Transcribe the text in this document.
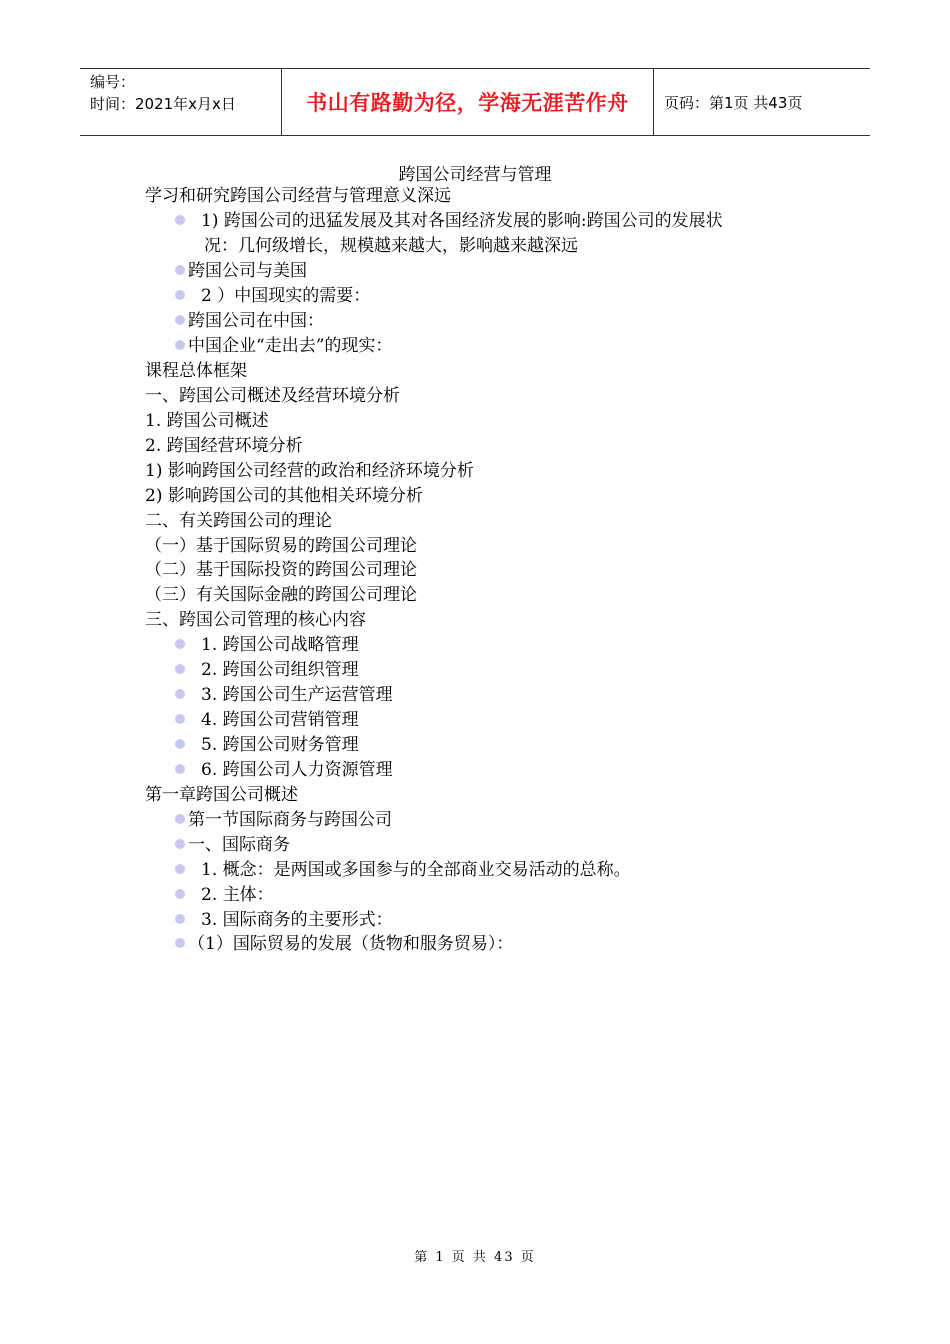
编号：
时间：2021年x月x日	书山有路勤为径，学海无涯苦作舟 页码：第1页 共43页
跨国公司经营与管理
学习和研究跨国公司经营与管理意义深远
1) 跨国公司的迅猛发展及其对各国经济发展的影响:跨国公司的发展状
况：几何级增长，规模越来越大，影响越来越深远
跨国公司与美国
2 ）中国现实的需要：
跨国公司在中国：
中国企业“走出去”的现实：
课程总体框架
一、跨国公司概述及经营环境分析
1. 跨国公司概述
2. 跨国经营环境分析
1) 影响跨国公司经营的政治和经济环境分析
2) 影响跨国公司的其他相关环境分析
二、有关跨国公司的理论
（一）基于国际贸易的跨国公司理论
（二）基于国际投资的跨国公司理论
（三）有关国际金融的跨国公司理论
三、跨国公司管理的核心内容
1. 跨国公司战略管理
2. 跨国公司组织管理
3. 跨国公司生产运营管理
4. 跨国公司营销管理
5. 跨国公司财务管理
6. 跨国公司人力资源管理
第一章跨国公司概述
第一节国际商务与跨国公司
一、国际商务
1. 概念：是两国或多国参与的全部商业交易活动的总称。
2. 主体：
3. 国际商务的主要形式：
（1）国际贸易的发展（货物和服务贸易）：
第 1 页 共 43 页
